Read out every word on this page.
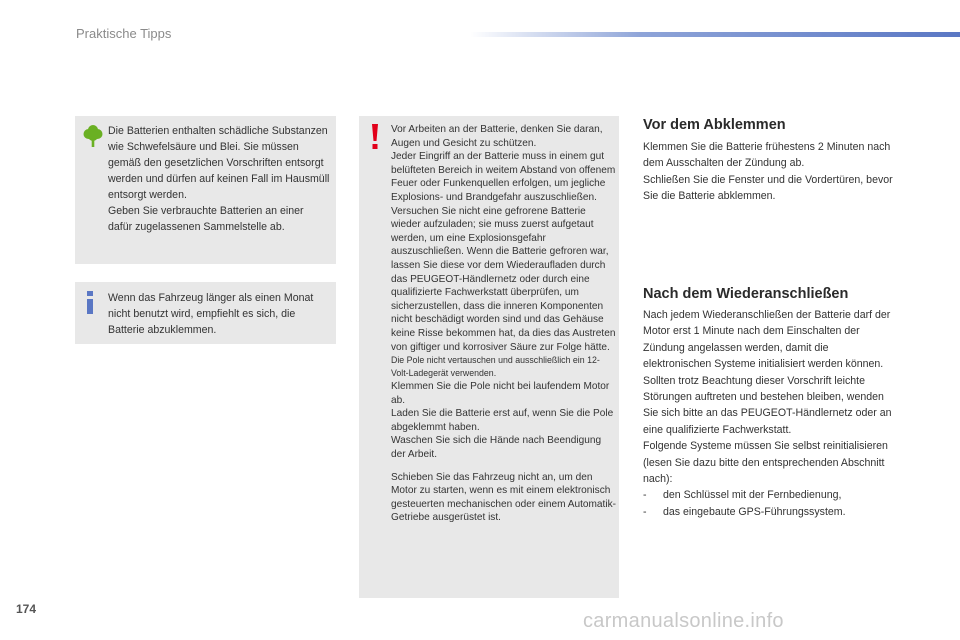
Praktische Tipps

Die Batterien enthalten schädliche Substanzen wie Schwefelsäure und Blei. Sie müssen gemäß den gesetzlichen Vorschriften entsorgt werden und dürfen auf keinen Fall im Hausmüll entsorgt werden.

Geben Sie verbrauchte Batterien an einer dafür zugelassenen Sammelstelle ab.

Wenn das Fahrzeug länger als einen Monat nicht benutzt wird, empfiehlt es sich, die Batterie abzuklemmen.

Vor Arbeiten an der Batterie, denken Sie daran, Augen und Gesicht zu schützen.

Jeder Eingriff an der Batterie muss in einem gut belüfteten Bereich in weitem Abstand von offenem Feuer oder Funkenquellen erfolgen, um jegliche Explosions- und Brandgefahr auszuschließen.

Versuchen Sie nicht eine gefrorene Batterie wieder aufzuladen; sie muss zuerst aufgetaut werden, um eine Explosionsgefahr auszuschließen. Wenn die Batterie gefroren war, lassen Sie diese vor dem Wiederaufladen durch das PEUGEOT-Händlernetz oder durch eine qualifizierte Fachwerkstatt überprüfen, um sicherzustellen, dass die inneren Komponenten nicht beschädigt worden sind und das Gehäuse keine Risse bekommen hat, da dies das Austreten von giftiger und korrosiver Säure zur Folge hätte.

Die Pole nicht vertauschen und ausschließlich ein 12-Volt-Ladegerät verwenden.

Klemmen Sie die Pole nicht bei laufendem Motor ab.

Laden Sie die Batterie erst auf, wenn Sie die Pole abgeklemmt haben.

Waschen Sie sich die Hände nach Beendigung der Arbeit.

Schieben Sie das Fahrzeug nicht an, um den Motor zu starten, wenn es mit einem elektronisch gesteuerten mechanischen oder einem Automatik-Getriebe ausgerüstet ist.

Vor dem Abklemmen

Klemmen Sie die Batterie frühestens 2 Minuten nach dem Ausschalten der Zündung ab.

Schließen Sie die Fenster und die Vordertüren, bevor Sie die Batterie abklemmen.

Nach dem Wiederanschließen

Nach jedem Wiederanschließen der Batterie darf der Motor erst 1 Minute nach dem Einschalten der Zündung angelassen werden, damit die elektronischen Systeme initialisiert werden können. Sollten trotz Beachtung dieser Vorschrift leichte Störungen auftreten und bestehen bleiben, wenden Sie sich bitte an das PEUGEOT-Händlernetz oder an eine qualifizierte Fachwerkstatt.

Folgende Systeme müssen Sie selbst reinitialisieren (lesen Sie dazu bitte den entsprechenden Abschnitt nach):

-	den Schlüssel mit der Fernbedienung,
-	das eingebaute GPS-Führungssystem.
174
carmanualsonline.info
